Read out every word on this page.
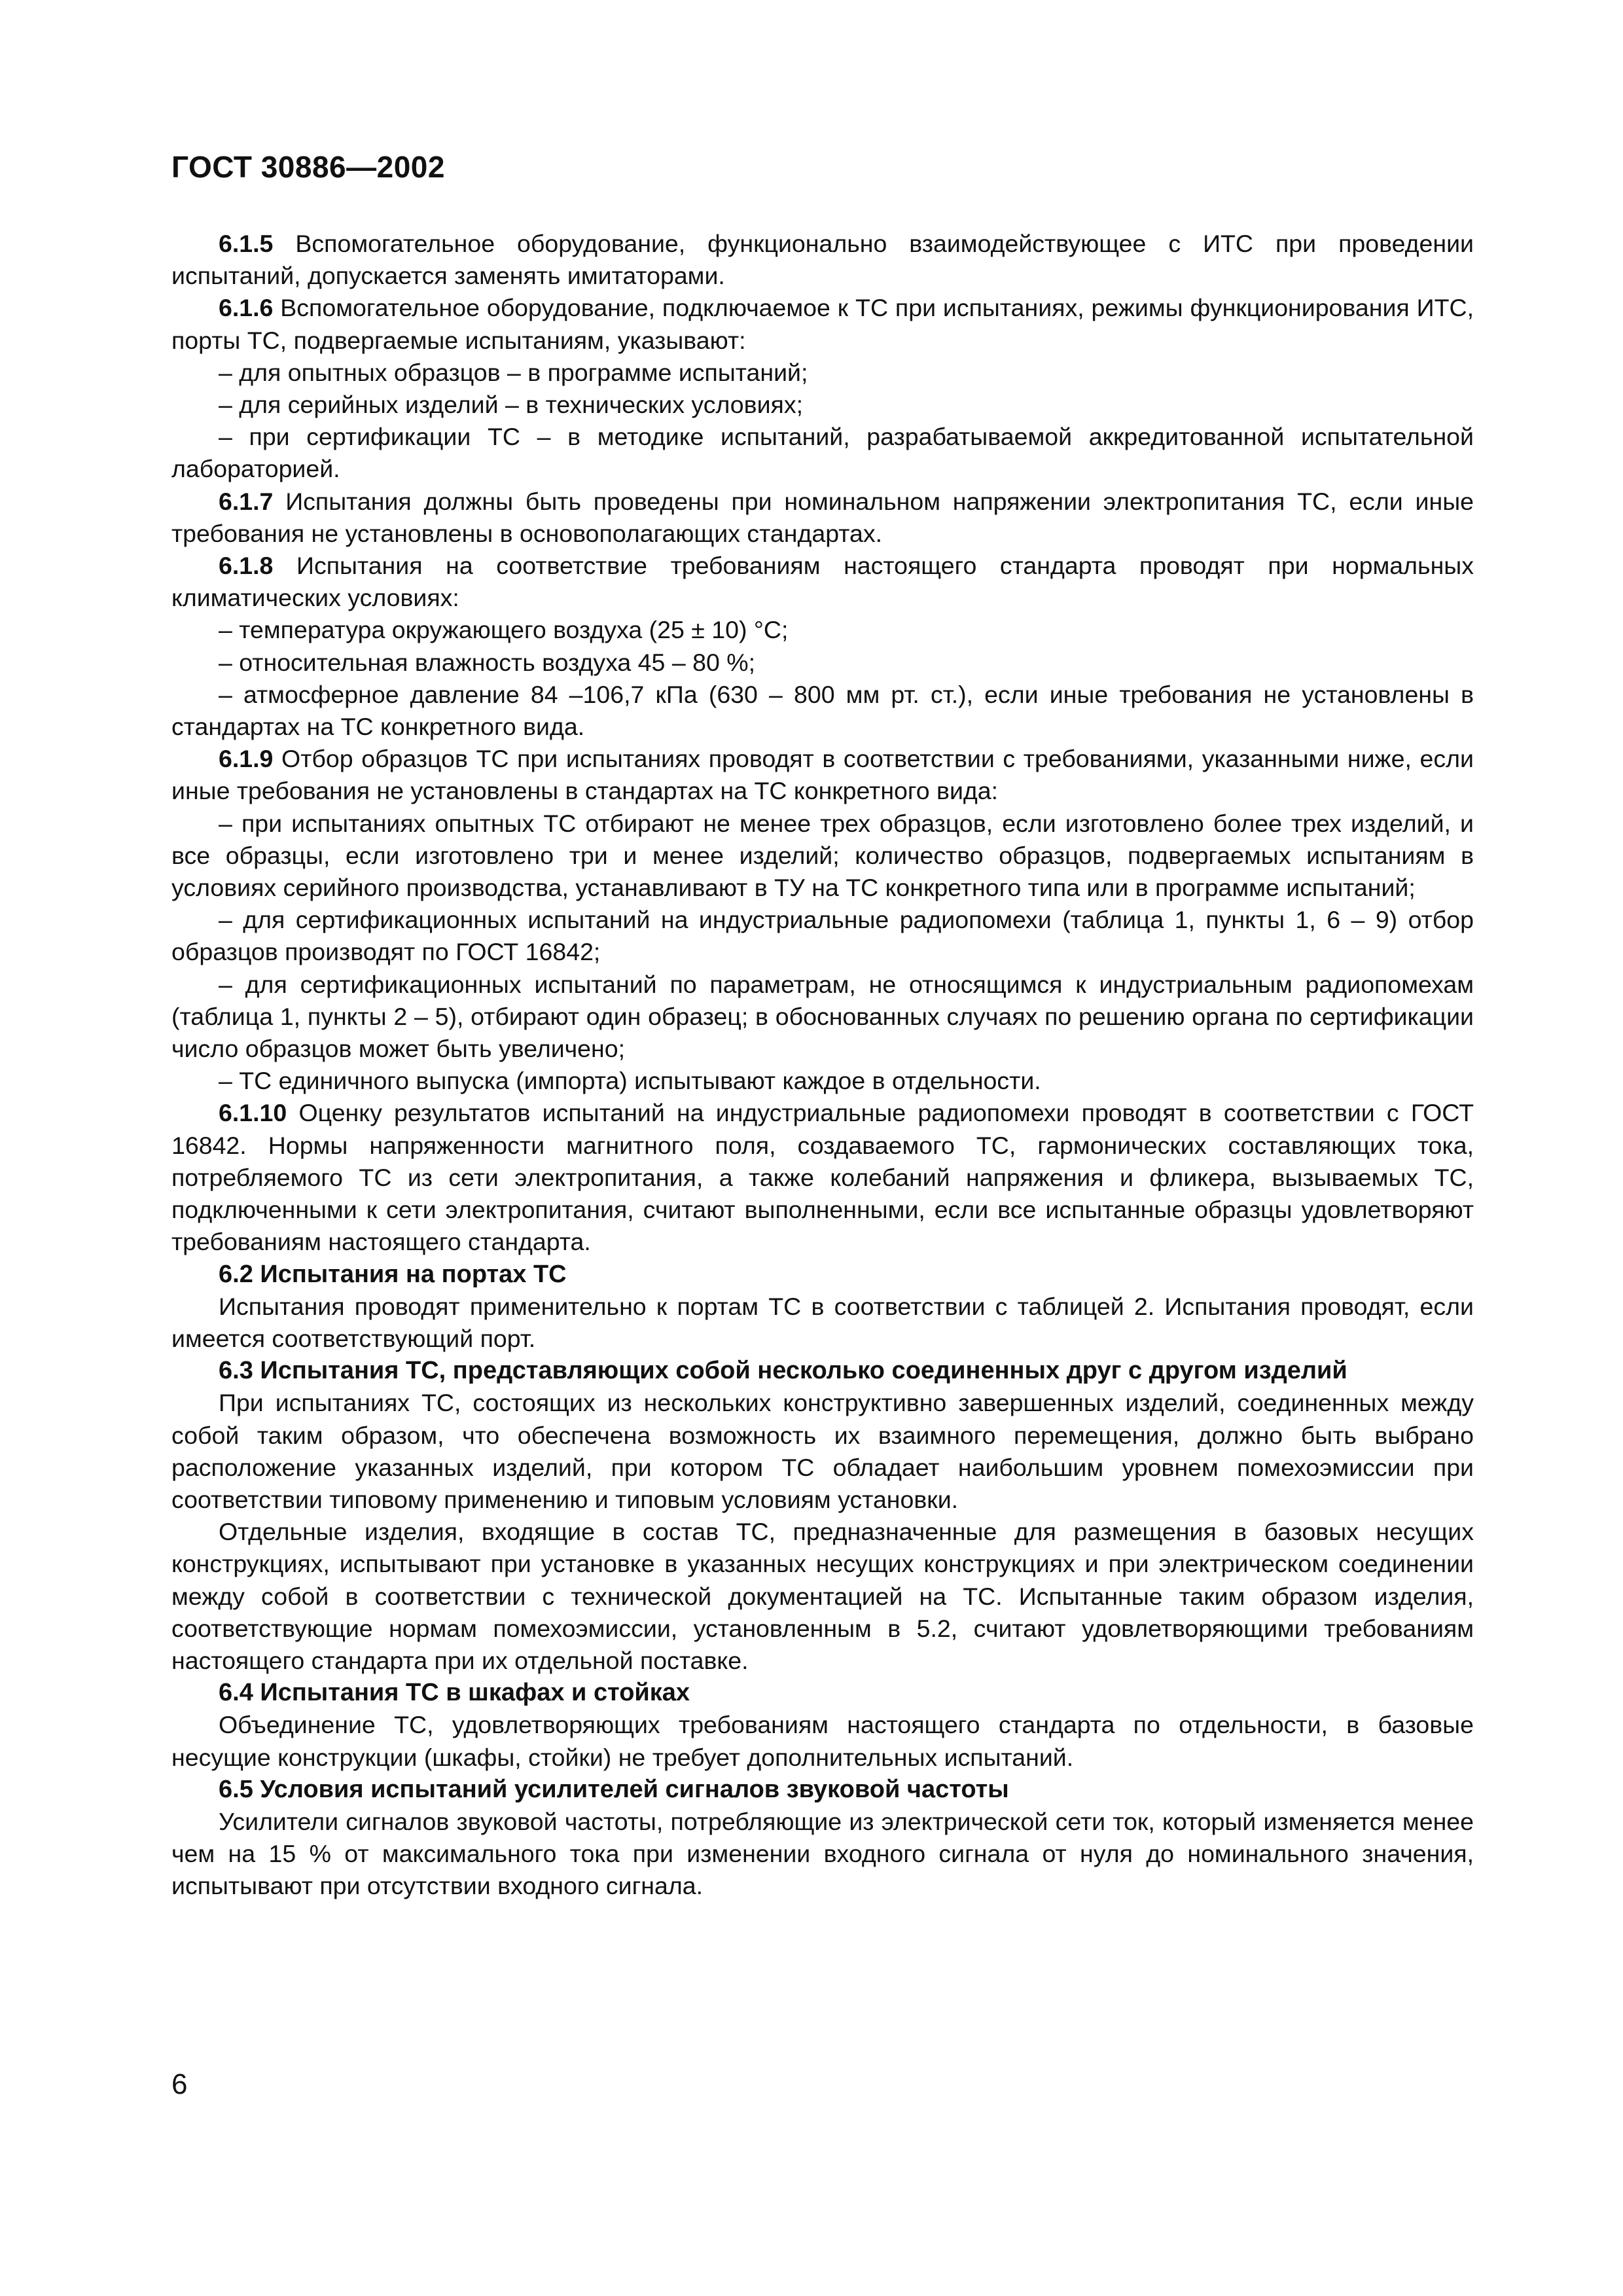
ГОСТ 30886—2002

6.1.5 Вспомогательное оборудование, функционально взаимодействующее с ИТС при проведении испытаний, допускается заменять имитаторами.

6.1.6 Вспомогательное оборудование, подключаемое к ТС при испытаниях, режимы функционирования ИТС, порты ТС, подвергаемые испытаниям, указывают:

– для опытных образцов – в программе испытаний;

– для серийных изделий – в технических условиях;

– при сертификации ТС – в методике испытаний, разрабатываемой аккредитованной испытательной лабораторией.

6.1.7 Испытания должны быть проведены при номинальном напряжении электропитания ТС, если иные требования не установлены в основополагающих стандартах.

6.1.8 Испытания на соответствие требованиям настоящего стандарта проводят при нормальных климатических условиях:

– температура окружающего воздуха (25 ± 10) °С;

– относительная влажность воздуха 45 – 80 %;

– атмосферное давление 84 –106,7 кПа (630 – 800 мм рт. ст.), если иные требования не установлены в стандартах на ТС конкретного вида.

6.1.9 Отбор образцов ТС при испытаниях проводят в соответствии с требованиями, указанными ниже, если иные требования не установлены в стандартах на ТС конкретного вида:

– при испытаниях опытных ТС отбирают не менее трех образцов, если изготовлено более трех изделий, и все образцы, если изготовлено три и менее изделий; количество образцов, подвергаемых испытаниям в условиях серийного производства, устанавливают в ТУ на ТС конкретного типа или в программе испытаний;

– для сертификационных испытаний на индустриальные радиопомехи (таблица 1, пункты 1, 6 – 9) отбор образцов производят по ГОСТ 16842;

– для сертификационных испытаний по параметрам, не относящимся к индустриальным радиопомехам (таблица 1, пункты 2 – 5), отбирают один образец; в обоснованных случаях по решению органа по сертификации число образцов может быть увеличено;

– ТС единичного выпуска (импорта) испытывают каждое в отдельности.

6.1.10 Оценку результатов испытаний на индустриальные радиопомехи проводят в соответствии с ГОСТ 16842. Нормы напряженности магнитного поля, создаваемого ТС, гармонических составляющих тока, потребляемого ТС из сети электропитания, а также колебаний напряжения и фликера, вызываемых ТС, подключенными к сети электропитания, считают выполненными, если все испытанные образцы удовлетворяют требованиям настоящего стандарта.

6.2 Испытания на портах ТС

Испытания проводят применительно к портам ТС в соответствии с таблицей 2. Испытания проводят, если имеется соответствующий порт.

6.3 Испытания ТС, представляющих собой несколько соединенных друг с другом изделий

При испытаниях ТС, состоящих из нескольких конструктивно завершенных изделий, соединенных между собой таким образом, что обеспечена возможность их взаимного перемещения, должно быть выбрано расположение указанных изделий, при котором ТС обладает наибольшим уровнем помехоэмиссии при соответствии типовому применению и типовым условиям установки.

Отдельные изделия, входящие в состав ТС, предназначенные для размещения в базовых несущих конструкциях, испытывают при установке в указанных несущих конструкциях и при электрическом соединении между собой в соответствии с технической документацией на ТС. Испытанные таким образом изделия, соответствующие нормам помехоэмиссии, установленным в 5.2, считают удовлетворяющими требованиям настоящего стандарта при их отдельной поставке.

6.4 Испытания ТС в шкафах и стойках

Объединение ТС, удовлетворяющих требованиям настоящего стандарта по отдельности, в базовые несущие конструкции (шкафы, стойки) не требует дополнительных испытаний.

6.5 Условия испытаний усилителей сигналов звуковой частоты

Усилители сигналов звуковой частоты, потребляющие из электрической сети ток, который изменяется менее чем на 15 % от максимального тока при изменении входного сигнала от нуля до номинального значения, испытывают при отсутствии входного сигнала.

6
